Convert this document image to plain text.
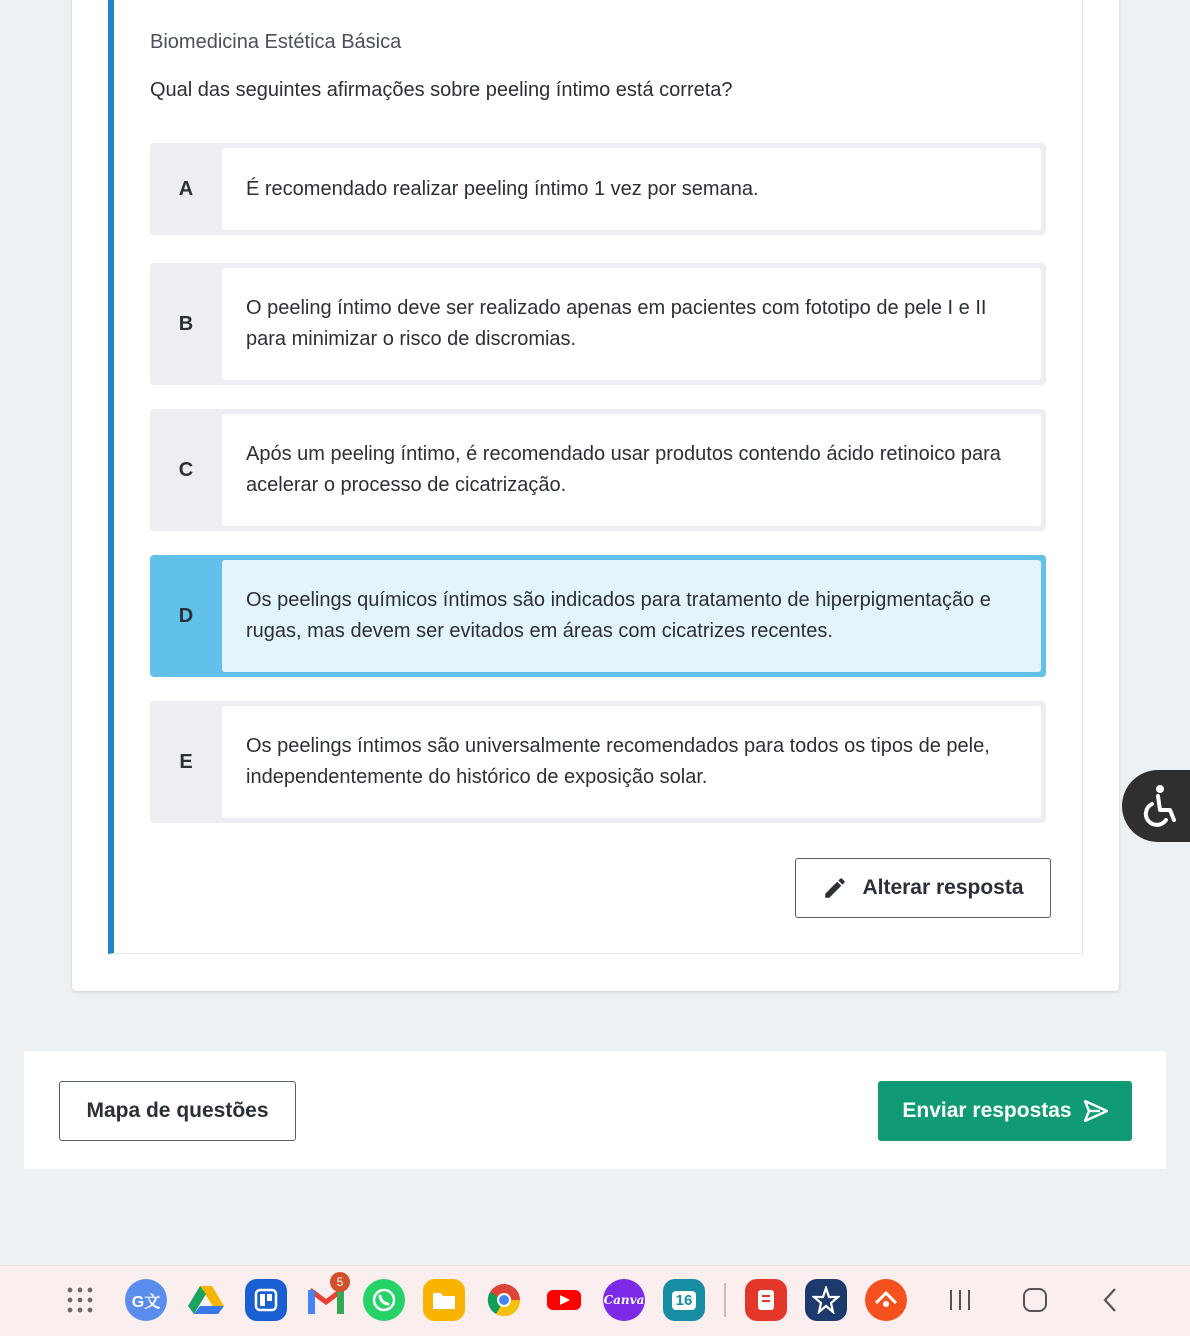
Biomedicina Estética Básica
Qual das seguintes afirmações sobre peeling íntimo está correta?
A	É recomendado realizar peeling íntimo 1 vez por semana.
B
O peeling íntimo deve ser realizado apenas em pacientes com fototipo de pele I e II para minimizar o risco de discromias.
C
Após um peeling íntimo, é recomendado usar produtos contendo ácido retinoico para acelerar o processo de cicatrização.
D
Os peelings químicos íntimos são indicados para tratamento de hiperpigmentação e rugas, mas devem ser evitados em áreas com cicatrizes recentes.
E
Os peelings íntimos são universalmente recomendados para todos os tipos de pele, independentemente do histórico de exposição solar.
Alterar resposta
Mapa de questões	Enviar respostas
G文
5
Canva 16
